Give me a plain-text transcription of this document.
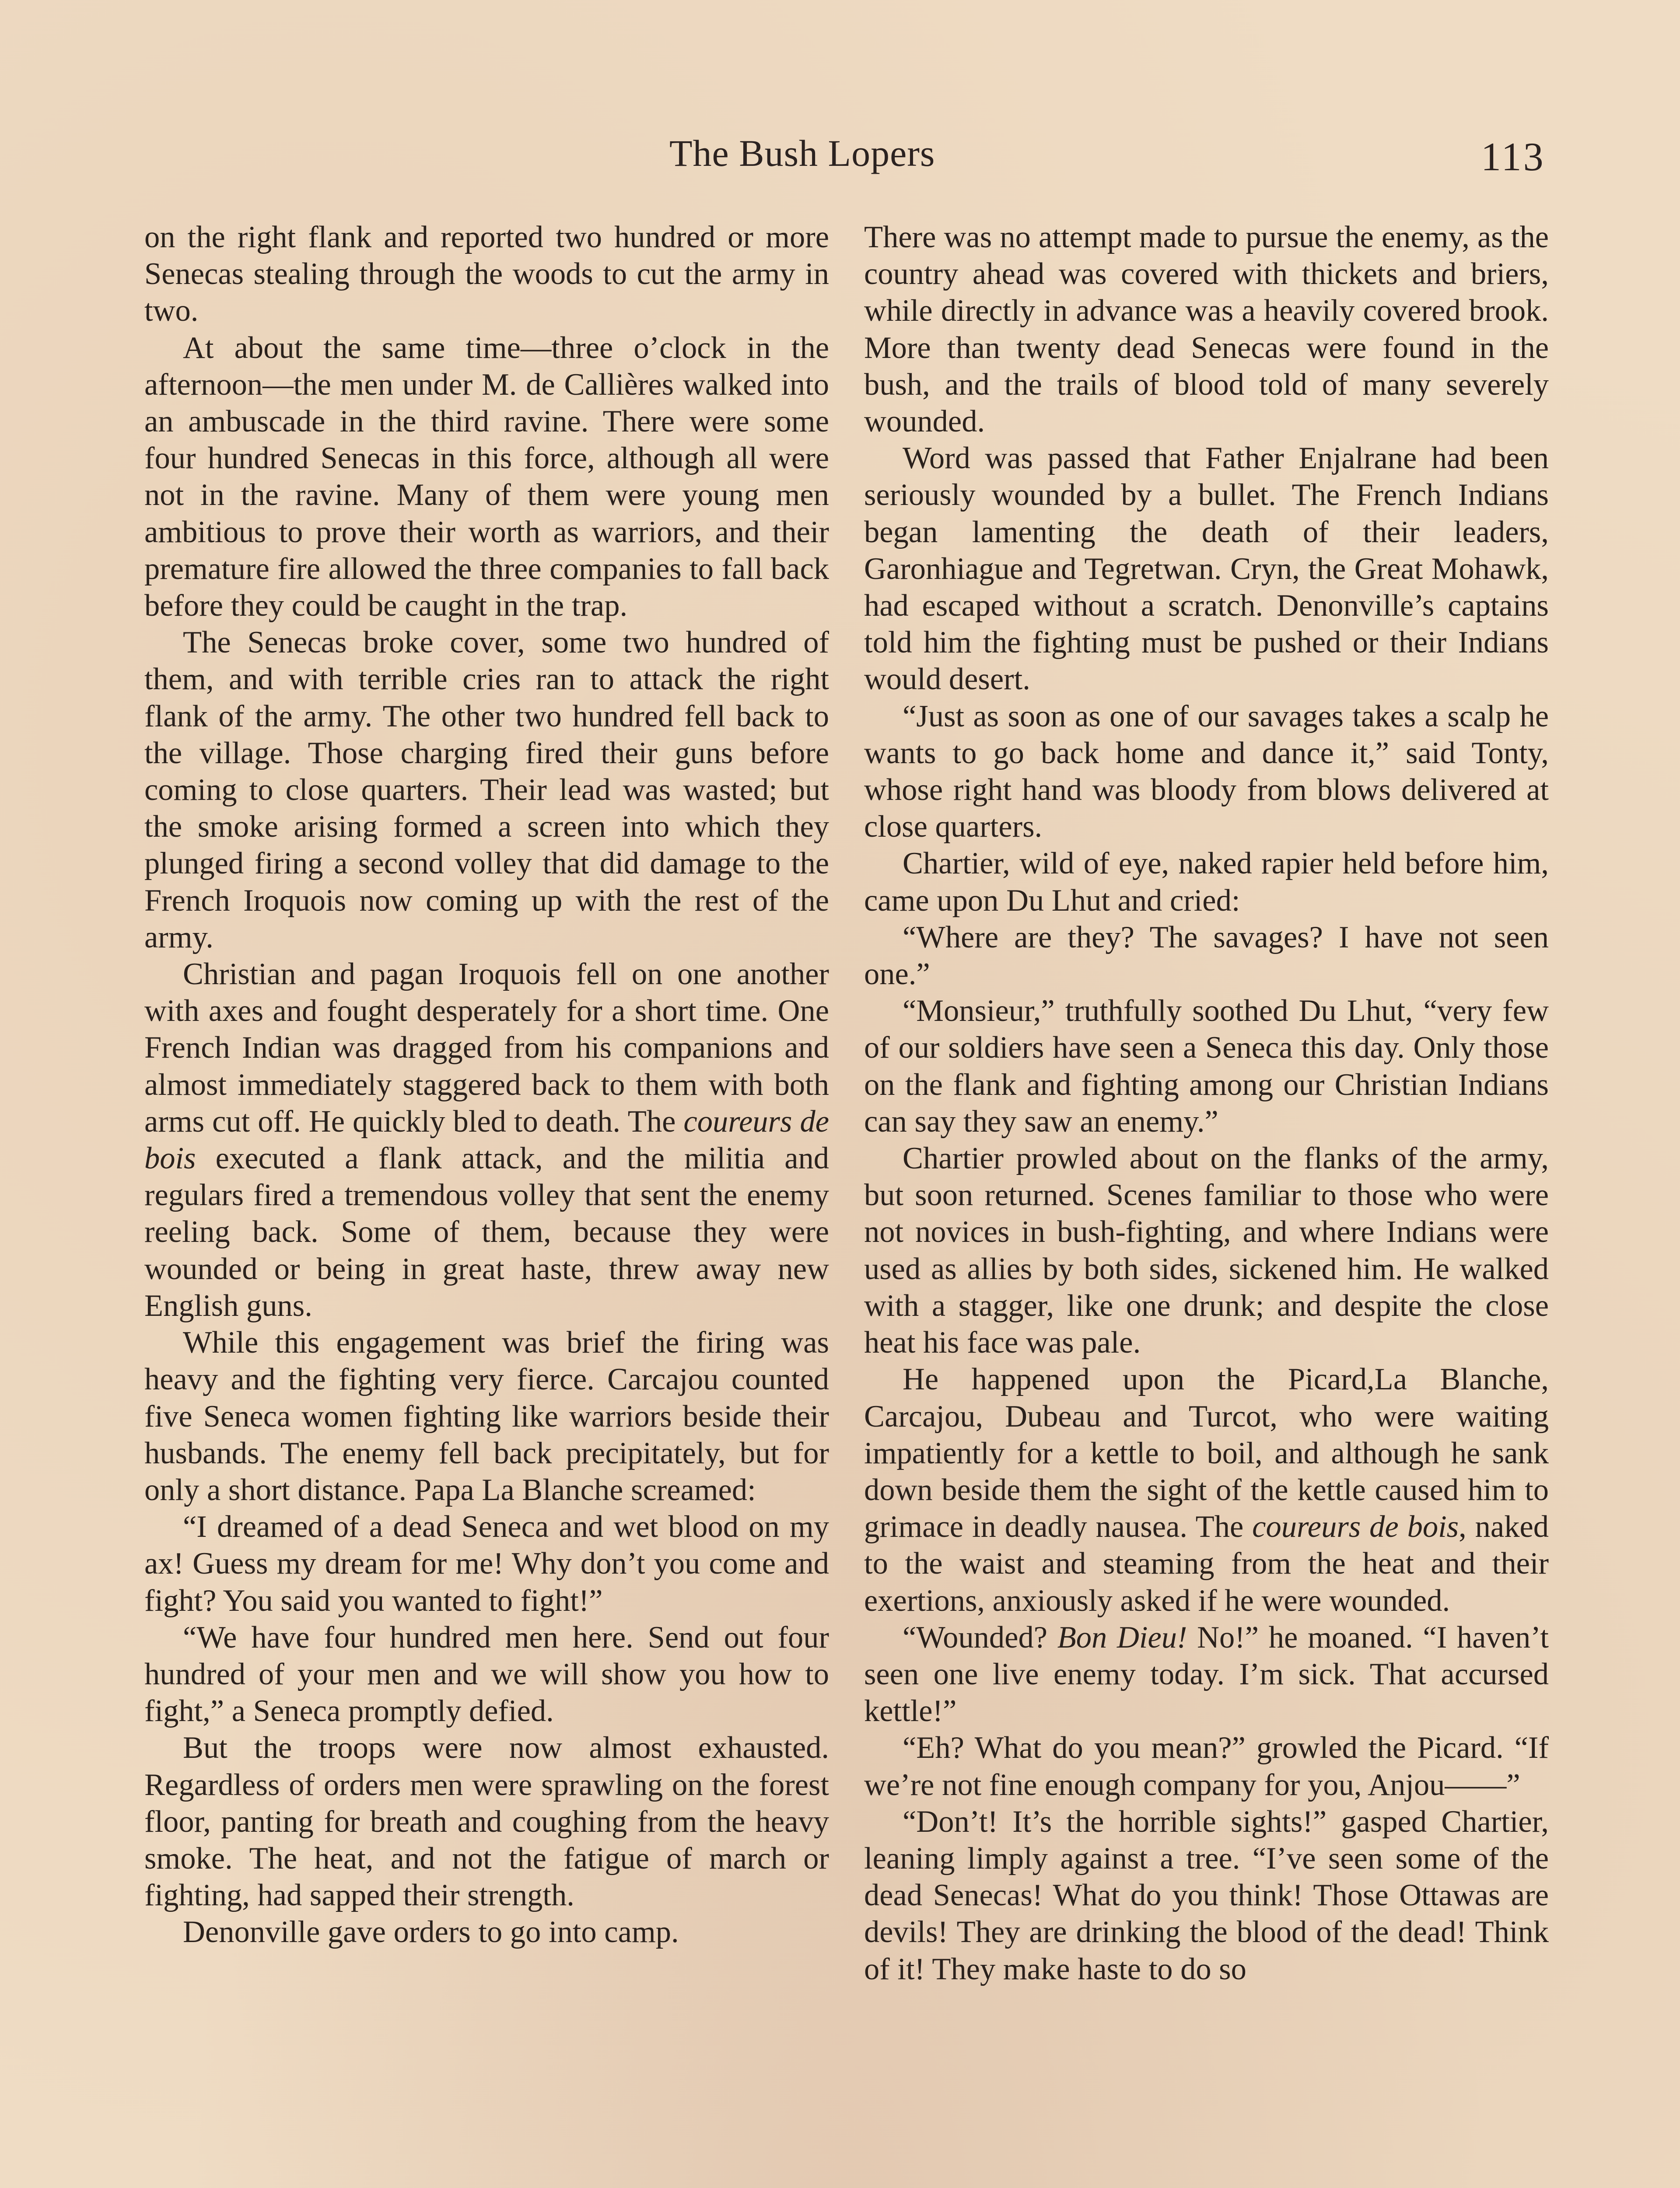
The Bush Lopers	113

on the right flank and reported two hundred or more Senecas stealing through the woods to cut the army in two.

At about the same time—three o’clock in the afternoon—the men under M. de Callières walked into an ambuscade in the third ravine. There were some four hundred Senecas in this force, although all were not in the ravine. Many of them were young men ambitious to prove their worth as warriors, and their premature fire allowed the three companies to fall back before they could be caught in the trap.

The Senecas broke cover, some two hundred of them, and with terrible cries ran to attack the right flank of the army. The other two hundred fell back to the village. Those charging fired their guns before coming to close quarters. Their lead was wasted; but the smoke arising formed a screen into which they plunged firing a second volley that did damage to the French Iroquois now coming up with the rest of the army.

Christian and pagan Iroquois fell on one another with axes and fought desperately for a short time. One French Indian was dragged from his companions and almost immediately staggered back to them with both arms cut off. He quickly bled to death. The coureurs de bois executed a flank attack, and the militia and regulars fired a tremendous volley that sent the enemy reeling back. Some of them, because they were wounded or being in great haste, threw away new English guns.

While this engagement was brief the firing was heavy and the fighting very fierce. Carcajou counted five Seneca women fighting like warriors beside their husbands. The enemy fell back precipitately, but for only a short distance. Papa La Blanche screamed:

“I dreamed of a dead Seneca and wet blood on my ax! Guess my dream for me! Why don’t you come and fight? You said you wanted to fight!”

“We have four hundred men here. Send out four hundred of your men and we will show you how to fight,” a Seneca promptly defied.

But the troops were now almost exhausted. Regardless of orders men were sprawling on the forest floor, panting for breath and coughing from the heavy smoke. The heat, and not the fatigue of march or fighting, had sapped their strength.

Denonville gave orders to go into camp.

There was no attempt made to pursue the enemy, as the country ahead was covered with thickets and briers, while directly in advance was a heavily covered brook. More than twenty dead Senecas were found in the bush, and the trails of blood told of many severely wounded.

Word was passed that Father Enjalrane had been seriously wounded by a bullet. The French Indians began lamenting the death of their leaders, Garonhiague and Tegretwan. Cryn, the Great Mohawk, had escaped without a scratch. Denonville’s captains told him the fighting must be pushed or their Indians would desert.

“Just as soon as one of our savages takes a scalp he wants to go back home and dance it,” said Tonty, whose right hand was bloody from blows delivered at close quarters.

Chartier, wild of eye, naked rapier held before him, came upon Du Lhut and cried:

“Where are they? The savages? I have not seen one.”

“Monsieur,” truthfully soothed Du Lhut, “very few of our soldiers have seen a Seneca this day. Only those on the flank and fighting among our Christian Indians can say they saw an enemy.”

Chartier prowled about on the flanks of the army, but soon returned. Scenes familiar to those who were not novices in bush-fighting, and where Indians were used as allies by both sides, sickened him. He walked with a stagger, like one drunk; and despite the close heat his face was pale.

He happened upon the Picard,La Blanche, Carcajou, Dubeau and Turcot, who were waiting impatiently for a kettle to boil, and although he sank down beside them the sight of the kettle caused him to grimace in deadly nausea. The coureurs de bois, naked to the waist and steaming from the heat and their exertions, anxiously asked if he were wounded.

“Wounded? Bon Dieu! No!” he moaned. “I haven’t seen one live enemy today. I’m sick. That accursed kettle!”

“Eh? What do you mean?” growled the Picard. “If we’re not fine enough company for you, Anjou——”

“Don’t! It’s the horrible sights!” gasped Chartier, leaning limply against a tree. “I’ve seen some of the dead Senecas! What do you think! Those Ottawas are devils! They are drinking the blood of the dead! Think of it! They make haste to do so
